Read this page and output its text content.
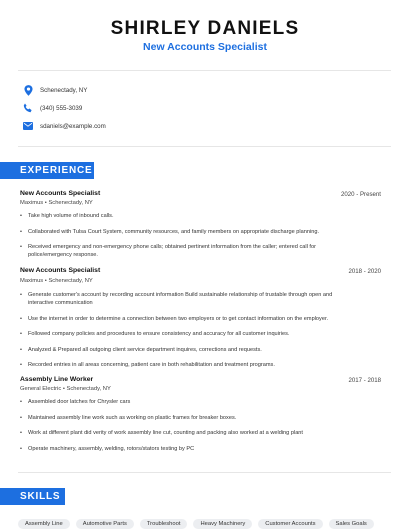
SHIRLEY DANIELS
New Accounts Specialist
Schenectady, NY
(340) 555-3039
sdaniels@example.com
EXPERIENCE
New Accounts Specialist	2020 - Present
Maximus • Schenectady, NY
• Take high volume of inbound calls.
• Collaborated with Tulsa Court System, community resources, and family members on appropriate discharge planning.
• Received emergency and non-emergency phone calls; obtained pertinent information from the caller; entered call for police/emergency response.
New Accounts Specialist	2018 - 2020
Maximus • Schenectady, NY
• Generate customer's account by recording account information Build sustainable relationship of trustable through open and interactive communication
• Use the internet in order to determine a connection between two employers or to get contact information on the employer.
• Followed company policies and procedures to ensure consistency and accuracy for all customer inquiries.
• Analyzed & Prepared all outgoing client service department inquires, corrections and requests.
• Recorded entries in all areas concerning, patient care in both rehabilitation and treatment programs.
Assembly Line Worker	2017 - 2018
General Electric • Schenectady, NY
• Assembled door latches for Chrysler cars
• Maintained assembly line work such as working on plastic frames for breaker boxes.
• Work at different plant did verity of work assembly line cut, counting and packing also worked at a welding plant
• Operate machinery, assembly, welding, rotors/stators testing by PC
SKILLS
Assembly Line	Automotive Parts	Troubleshoot	Heavy Machinery	Customer Accounts	Sales Goals
